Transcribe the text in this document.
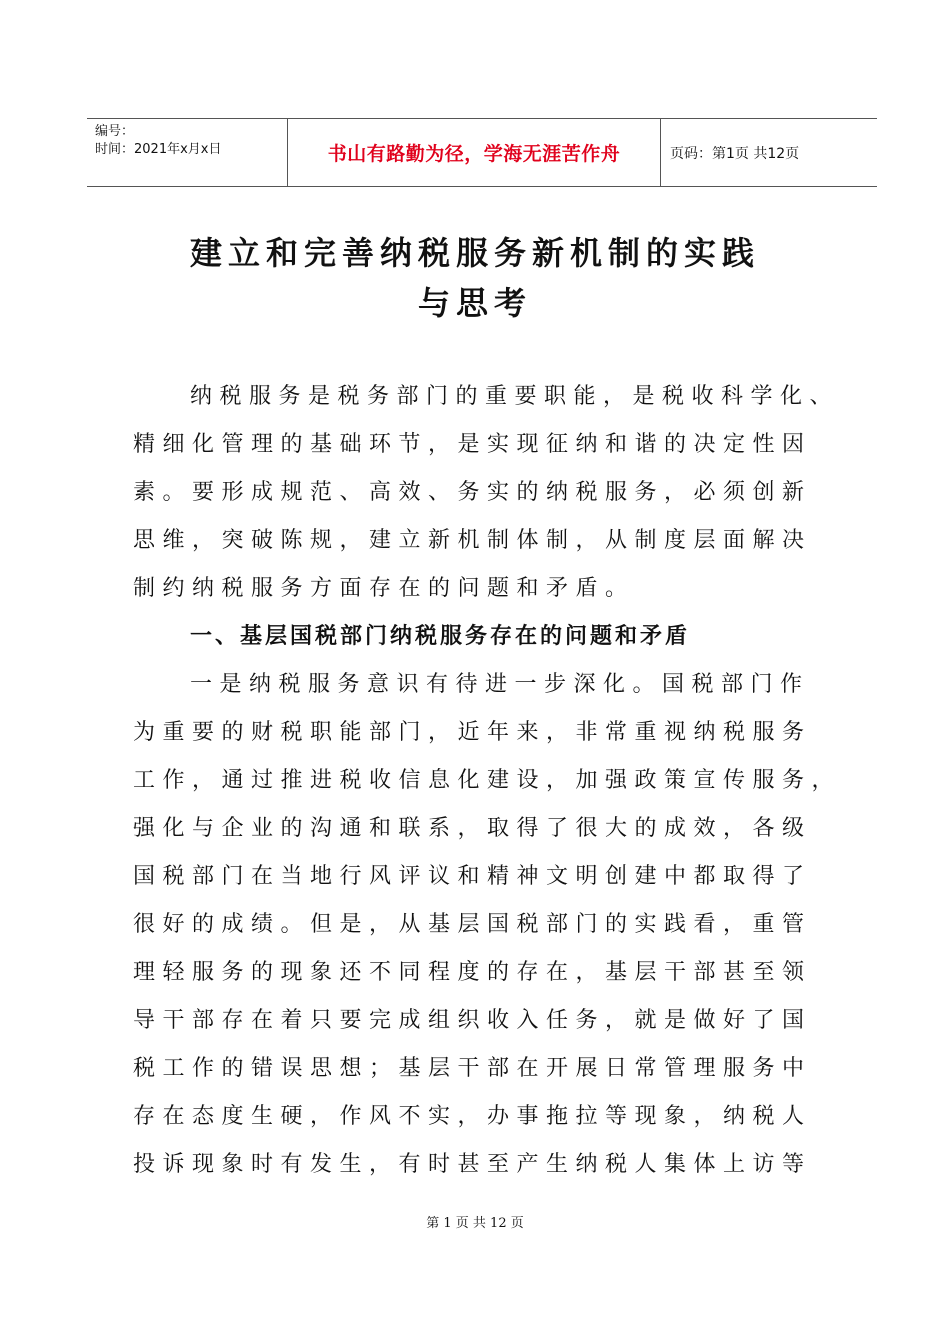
编号：
时间：2021年x月x日	书山有路勤为径，学海无涯苦作舟	页码：第1页 共12页
建立和完善纳税服务新机制的实践
与思考
纳税服务是税务部门的重要职能，是税收科学化、
精细化管理的基础环节，是实现征纳和谐的决定性因
素。要形成规范、高效、务实的纳税服务，必须创新
思维，突破陈规，建立新机制体制，从制度层面解决
制约纳税服务方面存在的问题和矛盾。
一、基层国税部门纳税服务存在的问题和矛盾
一是纳税服务意识有待进一步深化。国税部门作
为重要的财税职能部门，近年来，非常重视纳税服务
工作，通过推进税收信息化建设，加强政策宣传服务，
强化与企业的沟通和联系，取得了很大的成效，各级
国税部门在当地行风评议和精神文明创建中都取得了
很好的成绩。但是，从基层国税部门的实践看，重管
理轻服务的现象还不同程度的存在，基层干部甚至领
导干部存在着只要完成组织收入任务，就是做好了国
税工作的错误思想；基层干部在开展日常管理服务中
存在态度生硬，作风不实，办事拖拉等现象，纳税人
投诉现象时有发生，有时甚至产生纳税人集体上访等
第 1 页 共 12 页
